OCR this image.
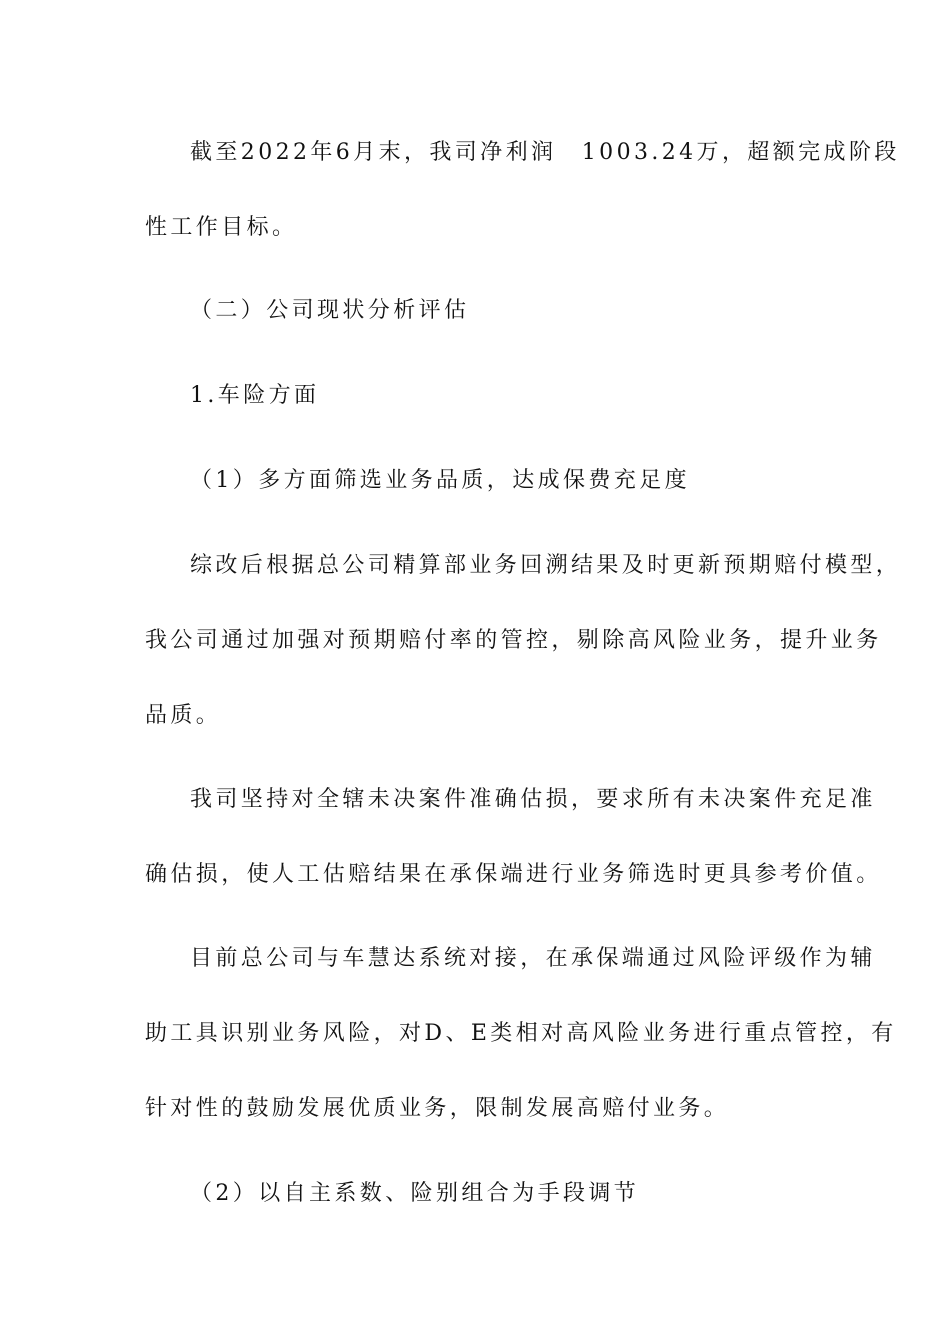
截至2022年6月末，我司净利润　1003.24万，超额完成阶段
性工作目标。
（二）公司现状分析评估
1.车险方面
（1）多方面筛选业务品质，达成保费充足度
综改后根据总公司精算部业务回溯结果及时更新预期赔付模型，
我公司通过加强对预期赔付率的管控，剔除高风险业务，提升业务
品质。
我司坚持对全辖未决案件准确估损，要求所有未决案件充足准
确估损，使人工估赔结果在承保端进行业务筛选时更具参考价值。
目前总公司与车慧达系统对接，在承保端通过风险评级作为辅
助工具识别业务风险，对D、E类相对高风险业务进行重点管控，有
针对性的鼓励发展优质业务，限制发展高赔付业务。
（2）以自主系数、险别组合为手段调节
